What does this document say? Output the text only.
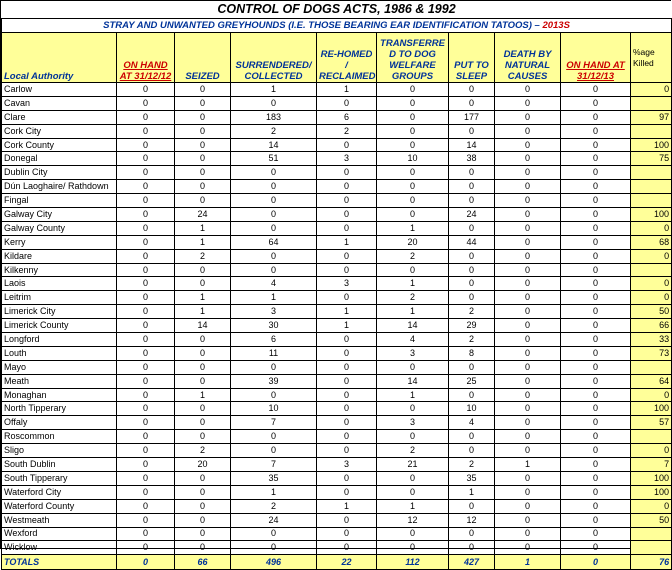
CONTROL OF DOGS ACTS, 1986 & 1992									
STRAY AND UNWANTED GREYHOUNDS (I.E. THOSE BEARING EAR IDENTIFICATION TATOOS) – 2013S									
Local Authority	ON HAND AT 31/12/12	SEIZED	SURRENDERED/ COLLECTED	RE-HOMED / RECLAIMED	TRANSFERRE D TO DOG WELFARE GROUPS	PUT TO SLEEP	DEATH BY NATURAL CAUSES	ON HAND AT 31/12/13	%age Killed
Carlow	0	0	1	1	0	0	0	0	0
Cavan	0	0	0	0	0	0	0	0	
Clare	0	0	183	6	0	177	0	0	97
Cork City	0	0	2	2	0	0	0	0	
Cork County	0	0	14	0	0	14	0	0	100
Donegal	0	0	51	3	10	38	0	0	75
Dublin City	0	0	0	0	0	0	0	0	
Dún Laoghaire/ Rathdown	0	0	0	0	0	0	0	0	
Fingal	0	0	0	0	0	0	0	0	
Galway City	0	24	0	0	0	24	0	0	100
Galway County	0	1	0	0	1	0	0	0	0
Kerry	0	1	64	1	20	44	0	0	68
Kildare	0	2	0	0	2	0	0	0	0
Kilkenny	0	0	0	0	0	0	0	0	
Laois	0	0	4	3	1	0	0	0	0
Leitrim	0	1	1	0	2	0	0	0	0
Limerick City	0	1	3	1	1	2	0	0	50
Limerick County	0	14	30	1	14	29	0	0	66
Longford	0	0	6	0	4	2	0	0	33
Louth	0	0	11	0	3	8	0	0	73
Mayo	0	0	0	0	0	0	0	0	
Meath	0	0	39	0	14	25	0	0	64
Monaghan	0	1	0	0	1	0	0	0	0
North Tipperary	0	0	10	0	0	10	0	0	100
Offaly	0	0	7	0	3	4	0	0	57
Roscommon	0	0	0	0	0	0	0	0	
Sligo	0	2	0	0	2	0	0	0	0
South Dublin	0	20	7	3	21	2	1	0	7
South Tipperary	0	0	35	0	0	35	0	0	100
Waterford City	0	0	1	0	0	1	0	0	100
Waterford County	0	0	2	1	1	0	0	0	0
Westmeath	0	0	24	0	12	12	0	0	50
Wexford	0	0	0	0	0	0	0	0	
Wicklow	0	0	0	0	0	0	0	0	
TOTALS	0	66	496	22	112	427	1	0	76
